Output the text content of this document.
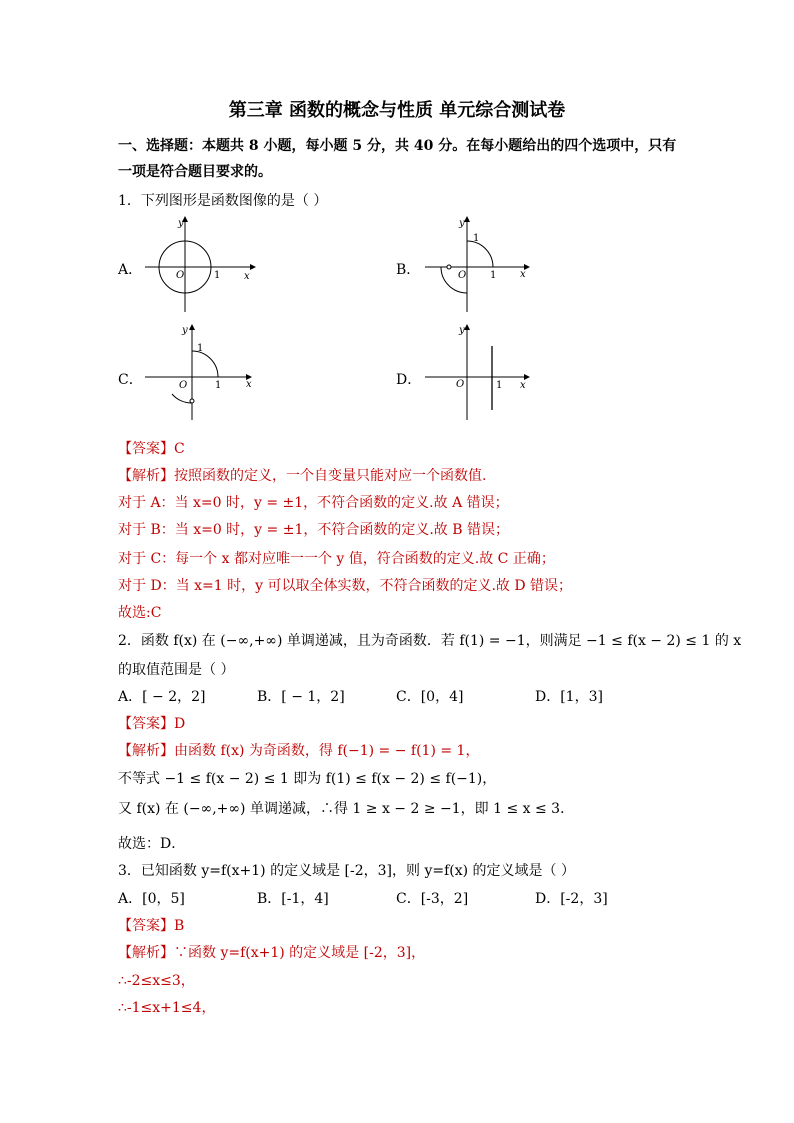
第三章 函数的概念与性质 单元综合测试卷
一、选择题：本题共 8 小题，每小题 5 分，共 40 分。在每小题给出的四个选项中，只有
一项是符合题目要求的。
1．下列图形是函数图像的是（ ）
A．
y
x
O	1	B．
y
x
O
1
1
C．
y
x
O
1
1	D．
y
x
O	1
【答案】C
【解析】按照函数的定义，一个自变量只能对应一个函数值.
对于 A：当 x=0 时，y = ±1，不符合函数的定义.故 A 错误；
对于 B：当 x=0 时，y = ±1，不符合函数的定义.故 B 错误；
对于 C：每一个 x 都对应唯一一个 y 值，符合函数的定义.故 C 正确；
对于 D：当 x=1 时，y 可以取全体实数，不符合函数的定义.故 D 错误；
故选:C
2．函数 f(x) 在 (−∞,+∞) 单调递减，且为奇函数．若 f(1) = −1，则满足 −1 ≤ f(x − 2) ≤ 1 的 x
的取值范围是（ ）
A．[ − 2，2]	B．[ − 1，2]	C．[0，4]	D．[1，3]
【答案】D
【解析】由函数 f(x) 为奇函数，得 f(−1) = − f(1) = 1，
不等式 −1 ≤ f(x − 2) ≤ 1 即为 f(1) ≤ f(x − 2) ≤ f(−1)，
又 f(x) 在 (−∞,+∞) 单调递减，∴得 1 ≥ x − 2 ≥ −1，即 1 ≤ x ≤ 3．
故选：D．
3．已知函数 y=f(x+1) 的定义域是 [-2，3]，则 y=f(x) 的定义域是（ ）
A．[0，5]	B．[-1，4]	C．[-3，2]	D．[-2，3]
【答案】B
【解析】∵函数 y=f(x+1) 的定义域是 [-2，3]，
∴-2≤x≤3，
∴-1≤x+1≤4，
